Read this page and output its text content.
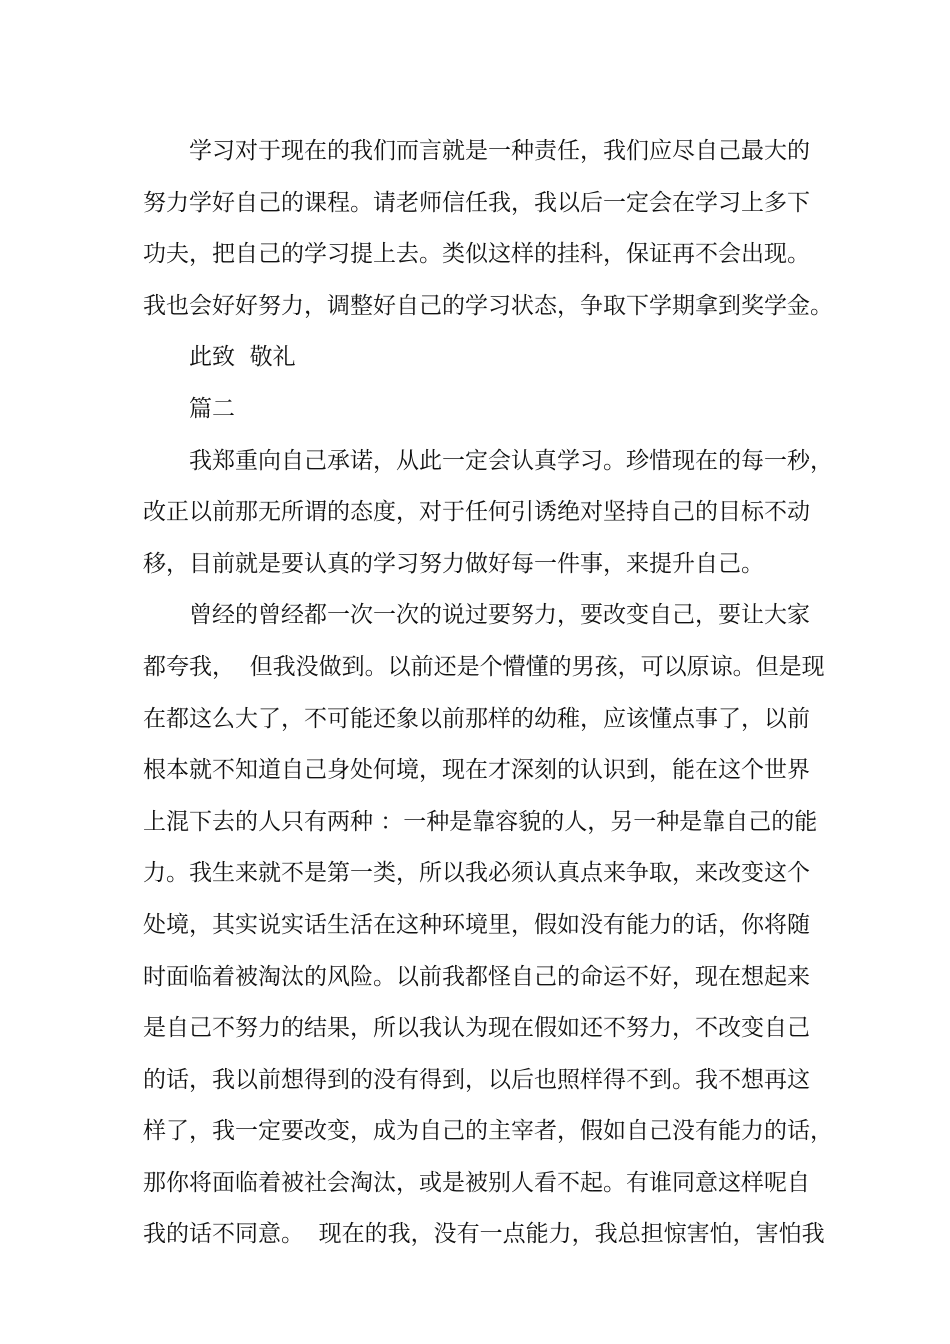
学习对于现在的我们而言就是一种责任，我们应尽自己最大的

努力学好自己的课程。请老师信任我，我以后一定会在学习上多下

功夫，把自己的学习提上去。类似这样的挂科，保证再不会出现。

我也会好好努力，调整好自己的学习状态，争取下学期拿到奖学金。

此致  敬礼

篇二

我郑重向自己承诺，从此一定会认真学习。珍惜现在的每一秒，

改正以前那无所谓的态度，对于任何引诱绝对坚持自己的目标不动

移，目前就是要认真的学习努力做好每一件事，来提升自己。

曾经的曾经都一次一次的说过要努力，要改变自己，要让大家

都夸我，  但我没做到。以前还是个懵懂的男孩，可以原谅。但是现

在都这么大了，不可能还象以前那样的幼稚，应该懂点事了，以前

根本就不知道自己身处何境，现在才深刻的认识到，能在这个世界

上混下去的人只有两种 ：一种是靠容貌的人，另一种是靠自己的能

力。我生来就不是第一类，所以我必须认真点来争取，来改变这个

处境，其实说实话生活在这种环境里，假如没有能力的话，你将随

时面临着被淘汰的风险。以前我都怪自己的命运不好，现在想起来

是自己不努力的结果，所以我认为现在假如还不努力，不改变自己

的话，我以前想得到的没有得到，以后也照样得不到。我不想再这

样了，我一定要改变，成为自己的主宰者，假如自己没有能力的话，

那你将面临着被社会淘汰，或是被别人看不起。有谁同意这样呢自

我的话不同意。  现在的我，没有一点能力，我总担惊害怕，害怕我
